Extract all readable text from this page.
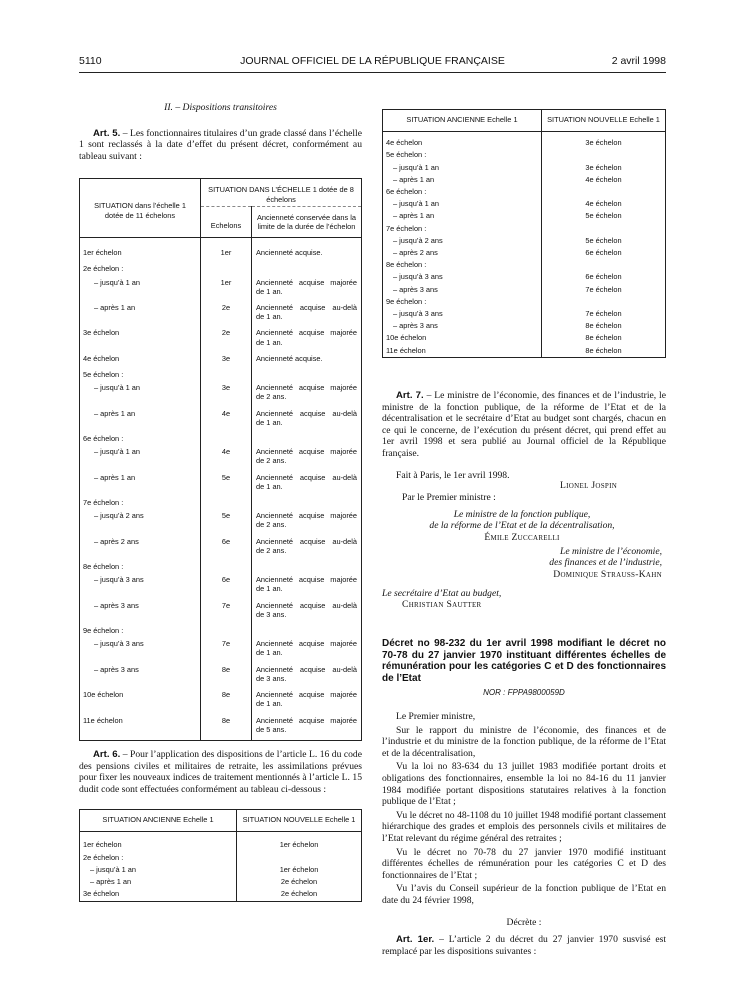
5110	JOURNAL OFFICIEL DE LA RÉPUBLIQUE FRANÇAISE	2 avril 1998

II. – Dispositions transitoires

Art. 5. – Les fonctionnaires titulaires d’un grade classé dans l’échelle 1 sont reclassés à la date d’effet du présent décret, conformément au tableau suivant :

SITUATION dans l’échelle 1 dotée de 11 échelons	SITUATION DANS L’ÉCHELLE 1 dotée de 8 échelons	
	Echelons	Ancienneté conservée dans la limite de la durée de l’échelon
1er échelon	1er	Ancienneté acquise.
2e échelon :		
– jusqu’à 1 an	1er	Ancienneté acquise majorée de 1 an.
– après 1 an	2e	Ancienneté acquise au-delà de 1 an.
3e échelon	2e	Ancienneté acquise majorée de 1 an.
4e échelon	3e	Ancienneté acquise.
5e échelon :		
– jusqu’à 1 an	3e	Ancienneté acquise majorée de 2 ans.
– après 1 an	4e	Ancienneté acquise au-delà de 1 an.
6e échelon :		
– jusqu’à 1 an	4e	Ancienneté acquise majorée de 2 ans.
– après 1 an	5e	Ancienneté acquise au-delà de 1 an.
7e échelon :		
– jusqu’à 2 ans	5e	Ancienneté acquise majorée de 2 ans.
– après 2 ans	6e	Ancienneté acquise au-delà de 2 ans.
8e échelon :		
– jusqu’à 3 ans	6e	Ancienneté acquise majorée de 1 an.
– après 3 ans	7e	Ancienneté acquise au-delà de 3 ans.
9e échelon :		
– jusqu’à 3 ans	7e	Ancienneté acquise majorée de 1 an.
– après 3 ans	8e	Ancienneté acquise au-delà de 3 ans.
10e échelon	8e	Ancienneté acquise majorée de 1 an.
11e échelon	8e	Ancienneté acquise majorée de 5 ans.

Art. 6. – Pour l’application des dispositions de l’article L. 16 du code des pensions civiles et militaires de retraite, les assimilations prévues pour fixer les nouveaux indices de traitement mentionnés à l’article L. 15 dudit code sont effectuées conformément au tableau ci-dessous :

SITUATION ANCIENNE Echelle 1	SITUATION NOUVELLE Echelle 1
1er échelon	1er échelon
2e échelon :	
– jusqu’à 1 an	1er échelon
– après 1 an	2e échelon
3e échelon	2e échelon
SITUATION ANCIENNE Echelle 1	SITUATION NOUVELLE Echelle 1
4e échelon	3e échelon
5e échelon :	
– jusqu’à 1 an	3e échelon
– après 1 an	4e échelon
6e échelon :	
– jusqu’à 1 an	4e échelon
– après 1 an	5e échelon
7e échelon :	
– jusqu’à 2 ans	5e échelon
– après 2 ans	6e échelon
8e échelon :	
– jusqu’à 3 ans	6e échelon
– après 3 ans	7e échelon
9e échelon :	
– jusqu’à 3 ans	7e échelon
– après 3 ans	8e échelon
10e échelon	8e échelon
11e échelon	8e échelon

Art. 7. – Le ministre de l’économie, des finances et de l’industrie, le ministre de la fonction publique, de la réforme de l’Etat et de la décentralisation et le secrétaire d’Etat au budget sont chargés, chacun en ce qui le concerne, de l’exécution du présent décret, qui prend effet au 1er avril 1998 et sera publié au Journal officiel de la République française.

Fait à Paris, le 1er avril 1998.

Lionel Jospin
Par le Premier ministre :
Le ministre de la fonction publique,
de la réforme de l’Etat et de la décentralisation,
Émile Zuccarelli
Le ministre de l’économie,
des finances et de l’industrie,
Dominique Strauss-Kahn
Le secrétaire d’Etat au budget,
Christian Sautter
Décret no 98-232 du 1er avril 1998 modifiant le décret no 70-78 du 27 janvier 1970 instituant différentes échelles de rémunération pour les catégories C et D des fonctionnaires de l’Etat
NOR : FPPA9800059D

Le Premier ministre,

Sur le rapport du ministre de l’économie, des finances et de l’industrie et du ministre de la fonction publique, de la réforme de l’Etat et de la décentralisation,

Vu la loi no 83-634 du 13 juillet 1983 modifiée portant droits et obligations des fonctionnaires, ensemble la loi no 84-16 du 11 janvier 1984 modifiée portant dispositions statutaires relatives à la fonction publique de l’Etat ;

Vu le décret no 48-1108 du 10 juillet 1948 modifié portant classement hiérarchique des grades et emplois des personnels civils et militaires de l’Etat relevant du régime général des retraites ;

Vu le décret no 70-78 du 27 janvier 1970 modifié instituant différentes échelles de rémunération pour les catégories C et D des fonctionnaires de l’Etat ;

Vu l’avis du Conseil supérieur de la fonction publique de l’Etat en date du 24 février 1998,

Décrète :

Art. 1er. – L’article 2 du décret du 27 janvier 1970 susvisé est remplacé par les dispositions suivantes :
